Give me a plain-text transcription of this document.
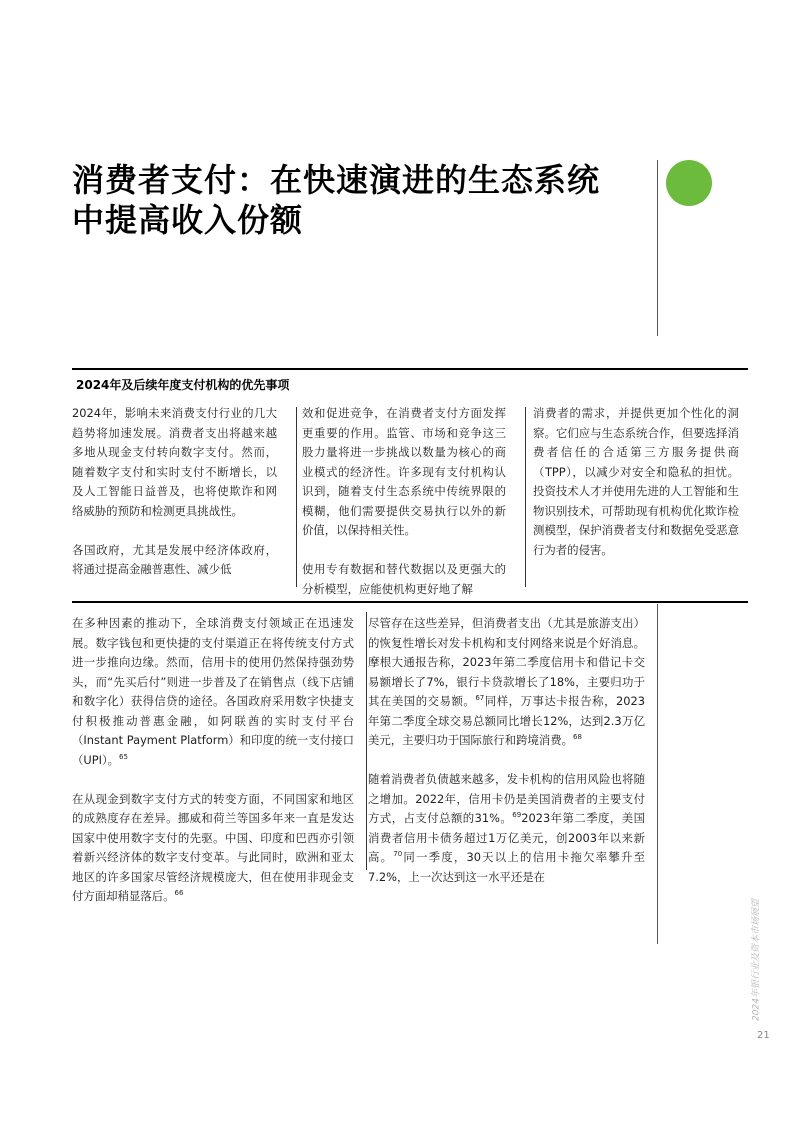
消费者支付：在快速演进的生态系统中提高收入份额
2024年及后续年度支付机构的优先事项

2024年，影响未来消费支付行业的几大趋势将加速发展。消费者支出将越来越多地从现金支付转向数字支付。然而，随着数字支付和实时支付不断增长，以及人工智能日益普及，也将使欺诈和网络威胁的预防和检测更具挑战性。

各国政府，尤其是发展中经济体政府，将通过提高金融普惠性、减少低

效和促进竞争，在消费者支付方面发挥更重要的作用。监管、市场和竞争这三股力量将进一步挑战以数量为核心的商业模式的经济性。许多现有支付机构认识到，随着支付生态系统中传统界限的模糊，他们需要提供交易执行以外的新价值，以保持相关性。

使用专有数据和替代数据以及更强大的分析模型，应能使机构更好地了解

消费者的需求，并提供更加个性化的洞察。它们应与生态系统合作，但要选择消费者信任的合适第三方服务提供商（TPP），以减少对安全和隐私的担忧。投资技术人才并使用先进的人工智能和生物识别技术，可帮助现有机构优化欺诈检测模型，保护消费者支付和数据免受恶意行为者的侵害。

在多种因素的推动下，全球消费支付领域正在迅速发展。数字钱包和更快捷的支付渠道正在将传统支付方式进一步推向边缘。然而，信用卡的使用仍然保持强劲势头，而“先买后付”则进一步普及了在销售点（线下店铺和数字化）获得信贷的途径。各国政府采用数字快捷支付积极推动普惠金融，如阿联酋的实时支付平台（Instant Payment Platform）和印度的统一支付接口（UPI）。$^{65}$

在从现金到数字支付方式的转变方面，不同国家和地区的成熟度存在差异。挪威和荷兰等国多年来一直是发达国家中使用数字支付的先驱。中国、印度和巴西亦引领着新兴经济体的数字支付变革。与此同时，欧洲和亚太地区的许多国家尽管经济规模庞大，但在使用非现金支付方面却稍显落后。$^{66}$

尽管存在这些差异，但消费者支出（尤其是旅游支出）的恢复性增长对发卡机构和支付网络来说是个好消息。摩根大通报告称，2023年第二季度信用卡和借记卡交易额增长了7%，银行卡贷款增长了18%，主要归功于其在美国的交易额。$^{67}$同样，万事达卡报告称，2023年第二季度全球交易总额同比增长12%，达到2.3万亿美元，主要归功于国际旅行和跨境消费。$^{68}$

随着消费者负债越来越多，发卡机构的信用风险也将随之增加。2022年，信用卡仍是美国消费者的主要支付方式，占支付总额的31%。$^{69}$2023年第二季度，美国消费者信用卡债务超过1万亿美元，创2003年以来新高。$^{70}$同一季度，30天以上的信用卡拖欠率攀升至7.2%，上一次达到这一水平还是在

2024年银行业及资本市场展望
21
